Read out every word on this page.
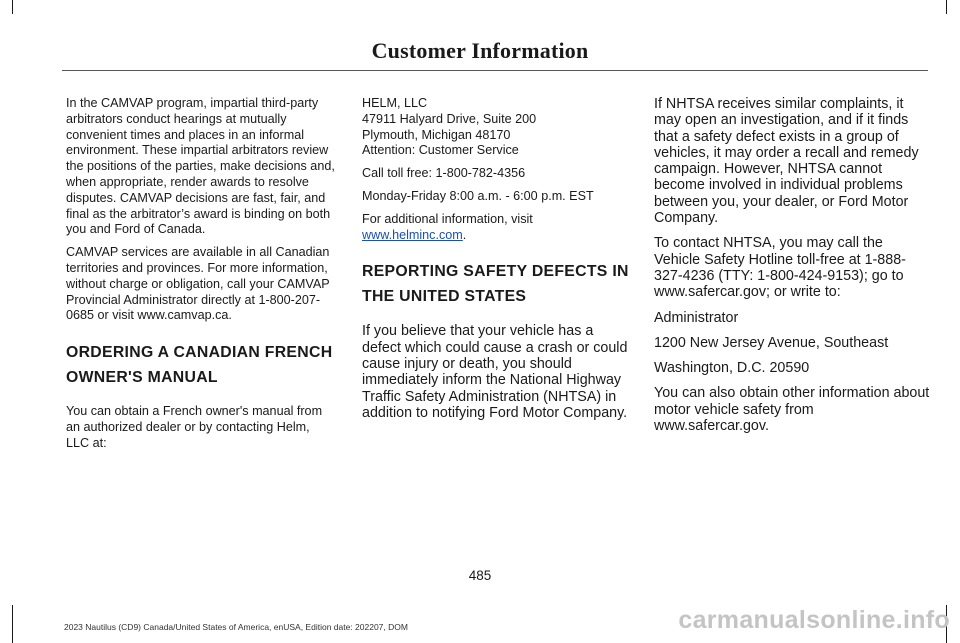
Customer Information

In the CAMVAP program, impartial third-party arbitrators conduct hearings at mutually convenient times and places in an informal environment. These impartial arbitrators review the positions of the parties, make decisions and, when appropriate, render awards to resolve disputes. CAMVAP decisions are fast, fair, and final as the arbitrator’s award is binding on both you and Ford of Canada.

CAMVAP services are available in all Canadian territories and provinces. For more information, without charge or obligation, call your CAMVAP Provincial Administrator directly at 1-800-207-0685 or visit www.camvap.ca.

ORDERING A CANADIAN FRENCH
OWNER'S MANUAL

You can obtain a French owner's manual from an authorized dealer or by contacting Helm, LLC at:

HELM, LLC
47911 Halyard Drive, Suite 200
Plymouth, Michigan 48170
Attention: Customer Service

Call toll free: 1-800-782-4356

Monday-Friday 8:00 a.m. - 6:00 p.m. EST

For additional information, visit
www.helminc.com.

REPORTING SAFETY DEFECTS IN
THE UNITED STATES

If you believe that your vehicle has a defect which could cause a crash or could cause injury or death, you should immediately inform the National Highway Traffic Safety Administration (NHTSA) in addition to notifying Ford Motor Company.

If NHTSA receives similar complaints, it may open an investigation, and if it finds that a safety defect exists in a group of vehicles, it may order a recall and remedy campaign. However, NHTSA cannot become involved in individual problems between you, your dealer, or Ford Motor Company.

To contact NHTSA, you may call the Vehicle Safety Hotline toll-free at 1-888-327-4236 (TTY: 1-800-424-9153); go to www.safercar.gov; or write to:

Administrator

1200 New Jersey Avenue, Southeast

Washington, D.C. 20590

You can also obtain other information about motor vehicle safety from www.safercar.gov.

485
2023 Nautilus (CD9) Canada/United States of America, enUSA, Edition date: 202207, DOM	carmanualsonline.info
